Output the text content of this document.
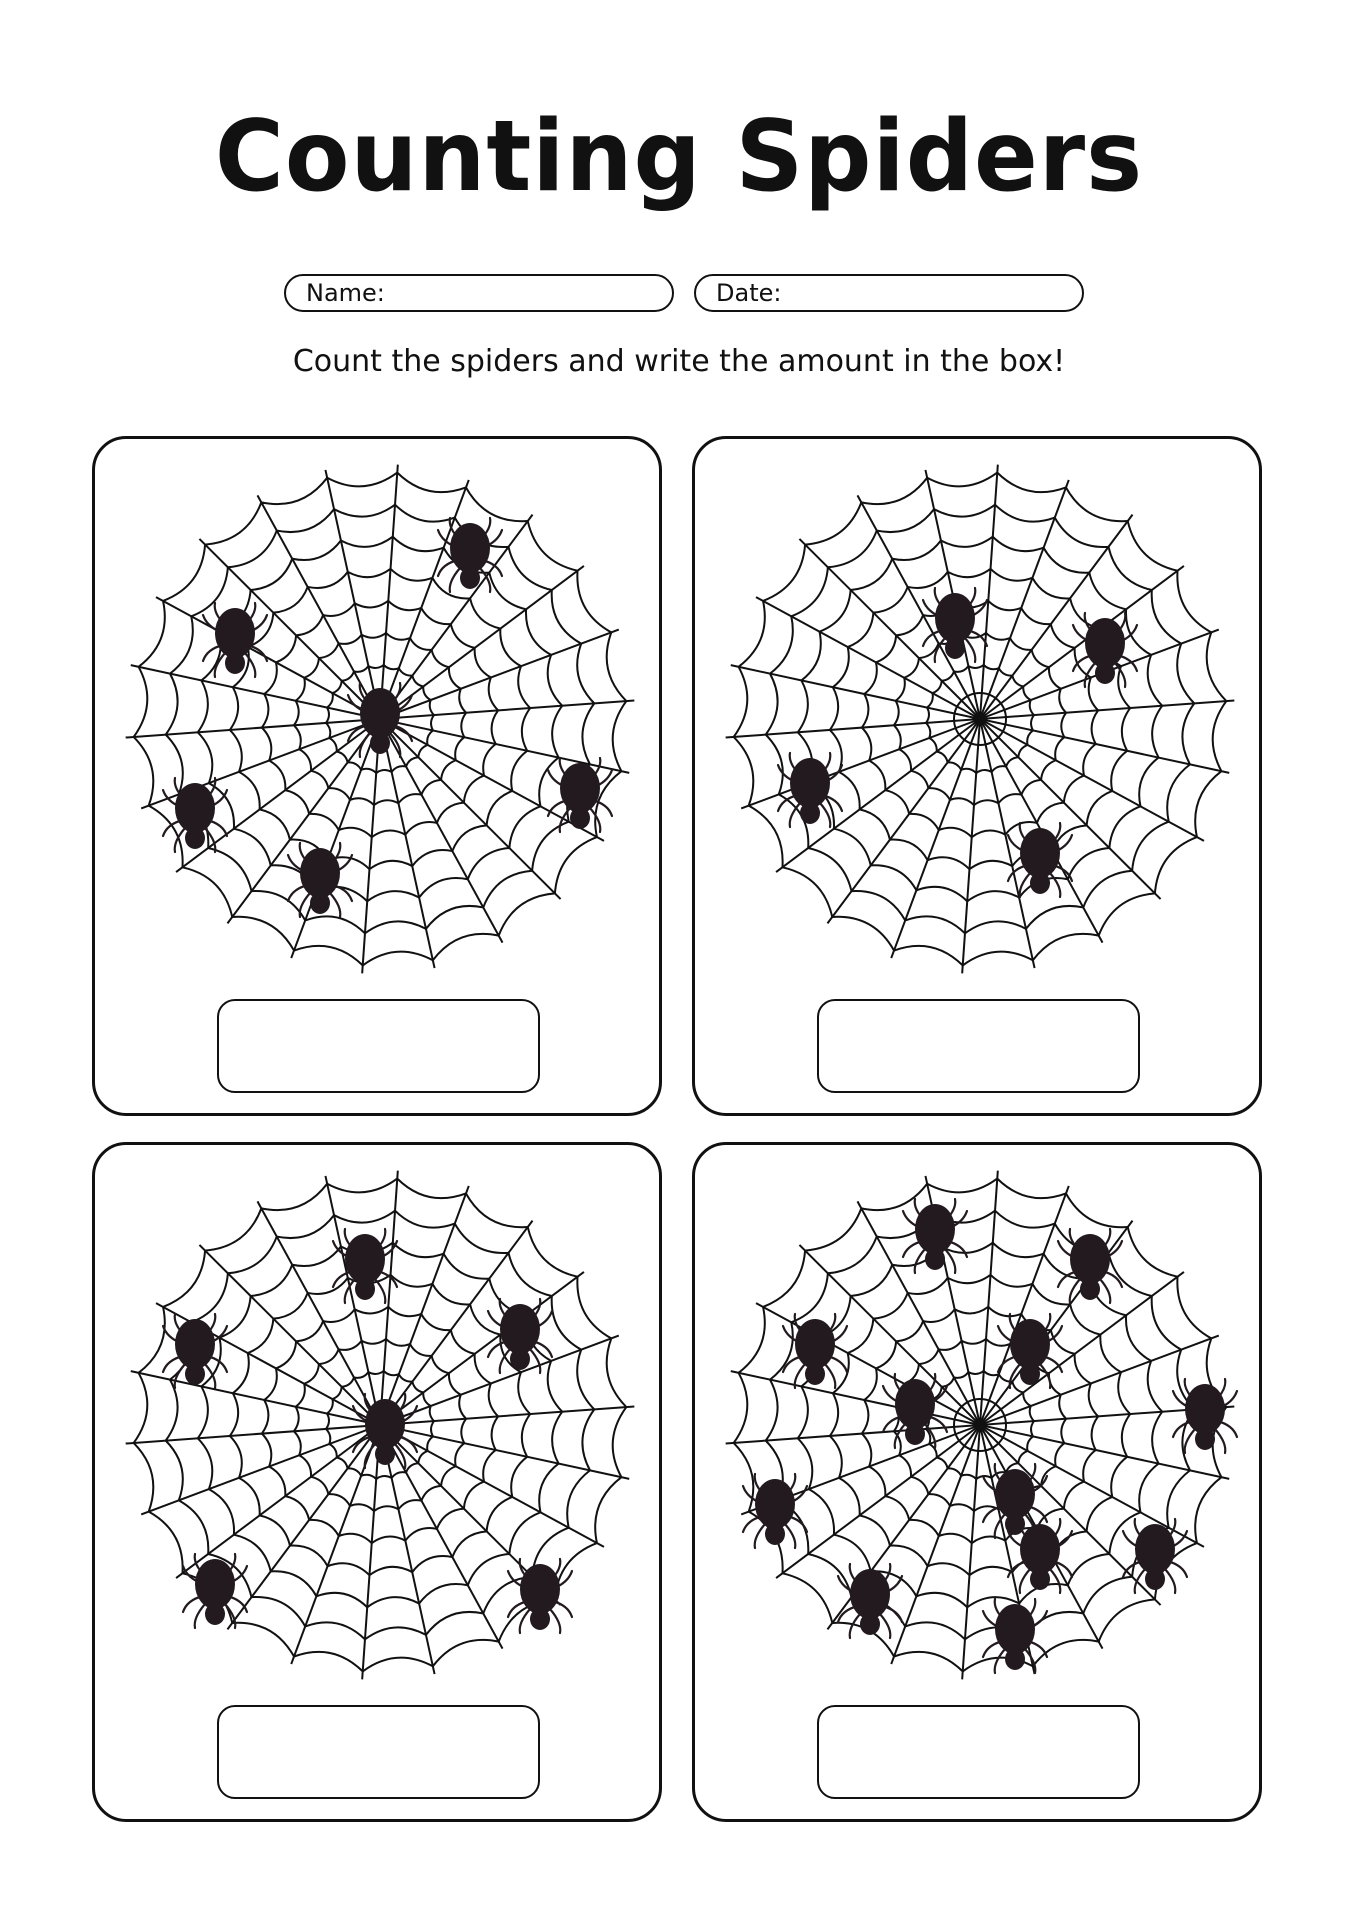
Counting Spiders
Name:	Date:
Count the spiders and write the amount in the box!
